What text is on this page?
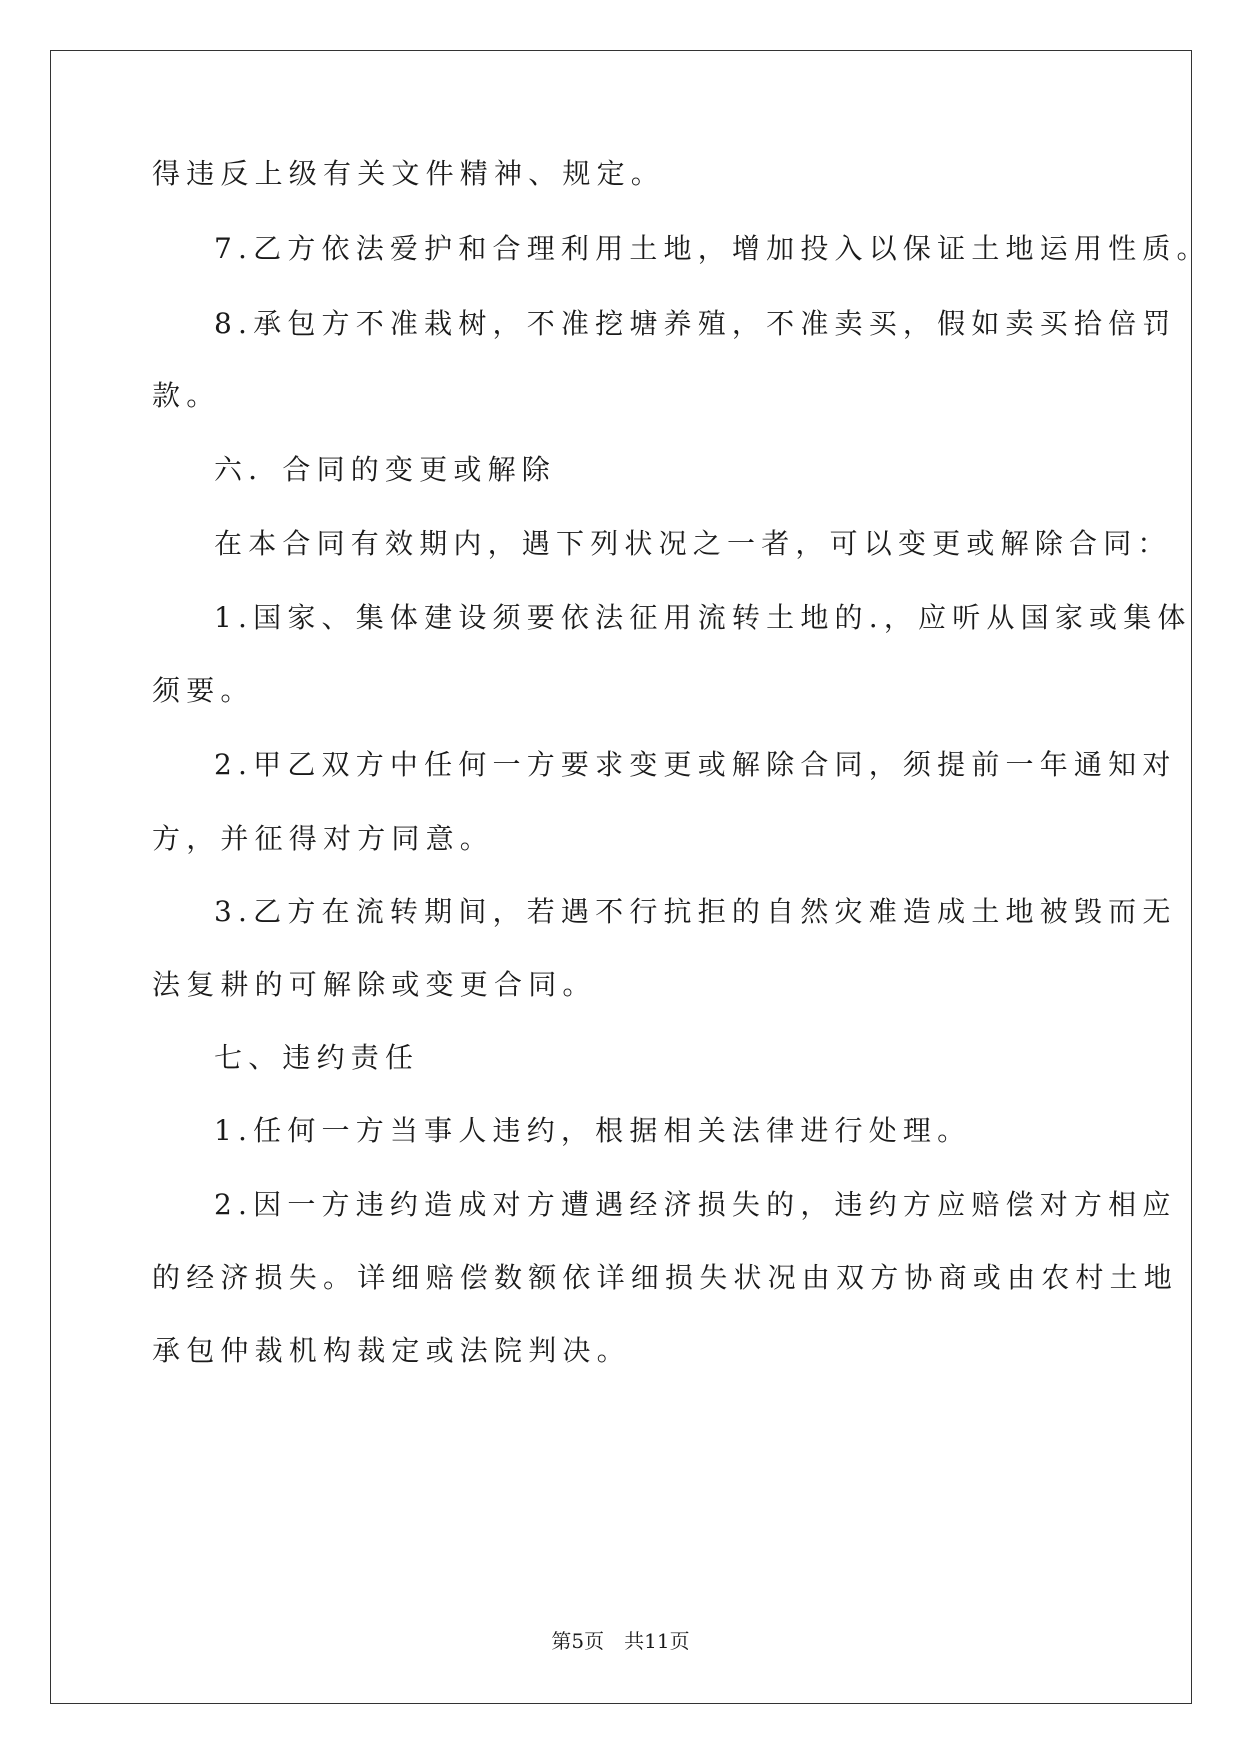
得违反上级有关文件精神、规定。

7.乙方依法爱护和合理利用土地，增加投入以保证土地运用性质。

8.承包方不准栽树，不准挖塘养殖，不准卖买，假如卖买拾倍罚

款。

六．合同的变更或解除

在本合同有效期内，遇下列状况之一者，可以变更或解除合同：

1.国家、集体建设须要依法征用流转土地的.，应听从国家或集体

须要。

2.甲乙双方中任何一方要求变更或解除合同，须提前一年通知对

方，并征得对方同意。

3.乙方在流转期间，若遇不行抗拒的自然灾难造成土地被毁而无

法复耕的可解除或变更合同。

七、违约责任

1.任何一方当事人违约，根据相关法律进行处理。

2.因一方违约造成对方遭遇经济损失的，违约方应赔偿对方相应

的经济损失。详细赔偿数额依详细损失状况由双方协商或由农村土地

承包仲裁机构裁定或法院判决。

第5页 共11页
